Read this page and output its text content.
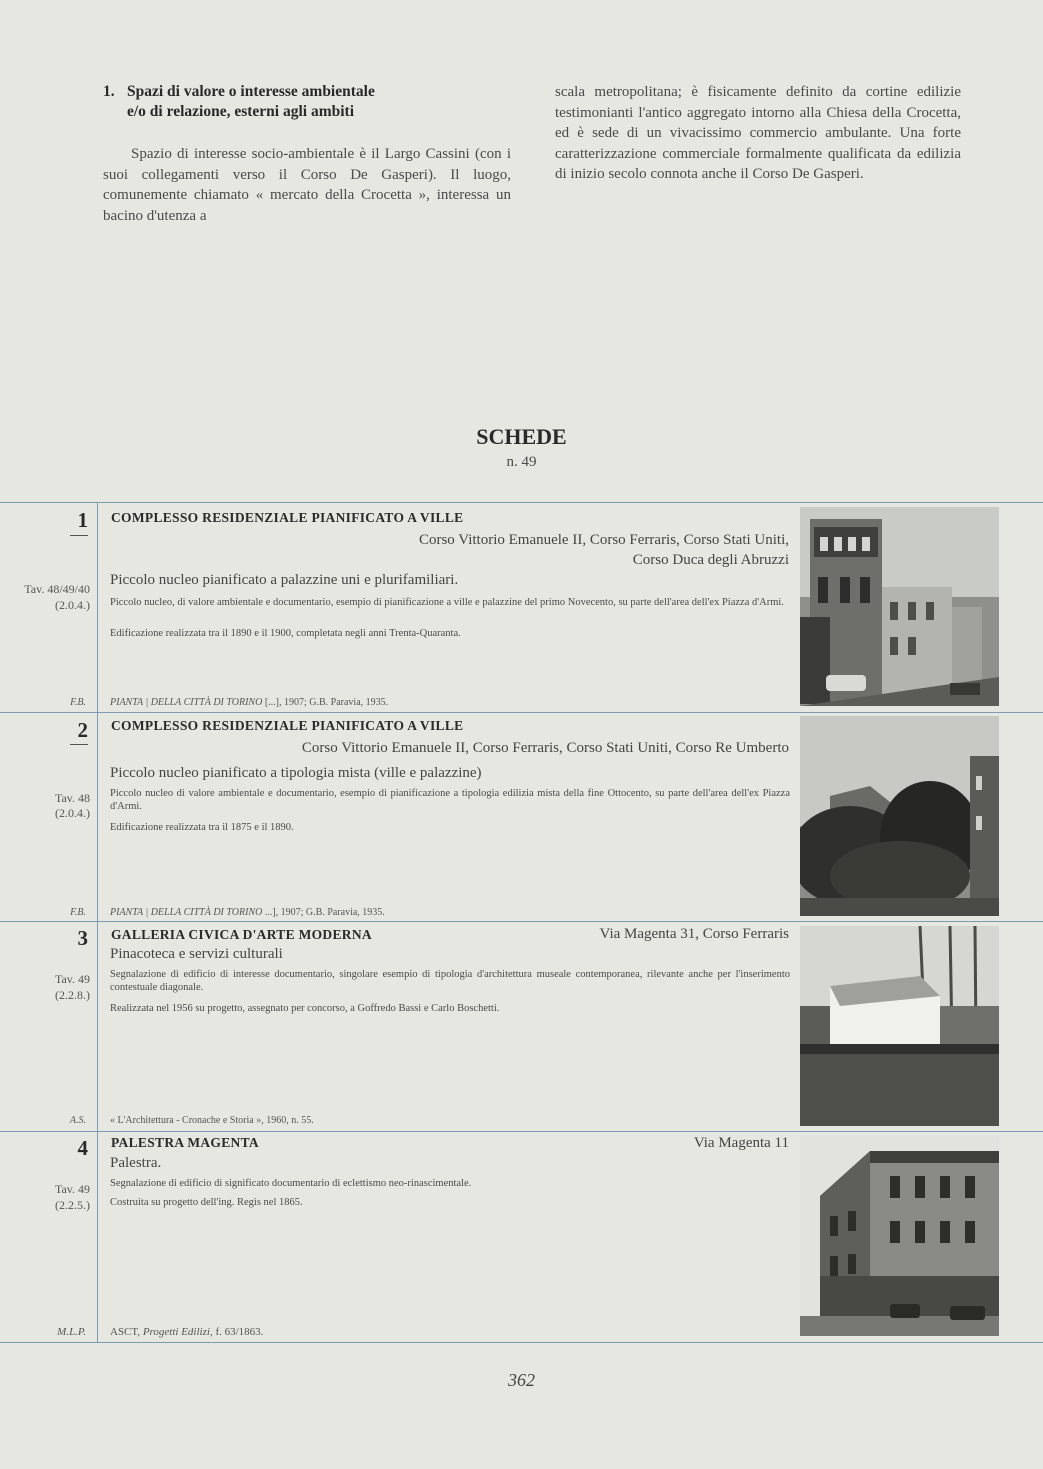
1. Spazi di valore o interesse ambientale
e/o di relazione, esterni agli ambiti
Spazio di interesse socio-ambientale è il Largo Cassini (con i suoi collegamenti verso il Corso De Gasperi). Il luogo, comunemente chiamato « mercato della Crocetta », interessa un bacino d'utenza a
scala metropolitana; è fisicamente definito da cortine edilizie testimonianti l'antico aggregato intorno alla Chiesa della Crocetta, ed è sede di un vivacissimo commercio ambulante. Una forte caratterizzazione commerciale formalmente qualificata da edilizia di inizio secolo connota anche il Corso De Gasperi.
SCHEDE
n. 49
1
Tav. 48/49/40
(2.0.4.)
F.B.
COMPLESSO RESIDENZIALE PIANIFICATO A VILLE
Corso Vittorio Emanuele II, Corso Ferraris, Corso Stati Uniti,
Corso Duca degli Abruzzi
Piccolo nucleo pianificato a palazzine uni e plurifamiliari.
Piccolo nucleo, di valore ambientale e documentario, esempio di pianificazione a ville e palazzine del primo Novecento, su parte dell'area dell'ex Piazza d'Armi.
Edificazione realizzata tra il 1890 e il 1900, completata negli anni Trenta-Quaranta.
PIANTA | DELLA CITTÀ DI TORINO [...], 1907; G.B. Paravia, 1935.
2
Tav. 48
(2.0.4.)
F.B.
COMPLESSO RESIDENZIALE PIANIFICATO A VILLE
Corso Vittorio Emanuele II, Corso Ferraris, Corso Stati Uniti, Corso Re Umberto
Piccolo nucleo pianificato a tipologia mista (ville e palazzine)
Piccolo nucleo di valore ambientale e documentario, esempio di pianificazione a tipologia edilizia mista della fine Ottocento, su parte dell'area dell'ex Piazza d'Armi.
Edificazione realizzata tra il 1875 e il 1890.
PIANTA | DELLA CITTÀ DI TORINO ...], 1907; G.B. Paravia, 1935.
3
Tav. 49
(2.2.8.)
A.S.
GALLERIA CIVICA D'ARTE MODERNA	Via Magenta 31, Corso Ferraris
Pinacoteca e servizi culturali
Segnalazione di edificio di interesse documentario, singolare esempio di tipologia d'architettura museale contemporanea, rilevante anche per l'inserimento contestuale diagonale.
Realizzata nel 1956 su progetto, assegnato per concorso, a Goffredo Bassi e Carlo Boschetti.
« L'Architettura - Cronache e Storia », 1960, n. 55.
4
Tav. 49
(2.2.5.)
M.L.P.
PALESTRA MAGENTA	Via Magenta 11
Palestra.
Segnalazione di edificio di significato documentario di eclettismo neo-rinascimentale.
Costruita su progetto dell'ing. Regis nel 1865.
ASCT, Progetti Edilizi, f. 63/1863.
362
